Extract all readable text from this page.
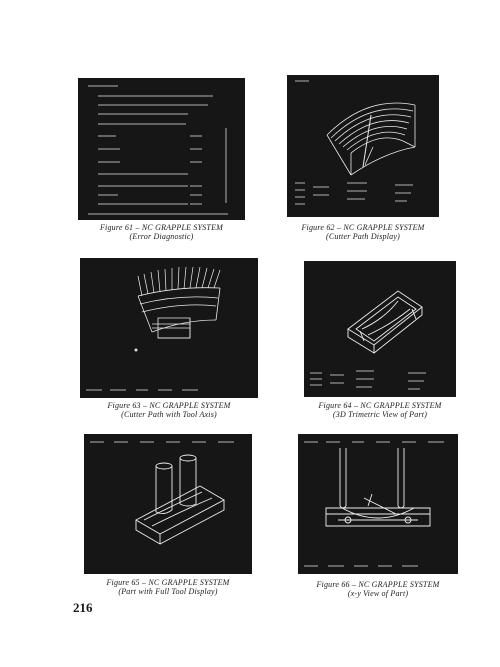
Figure 61 – NC GRAPPLE SYSTEM
(Error Diagnostic)
Figure 62 – NC GRAPPLE SYSTEM
(Cutter Path Display)
Figure 63 – NC GRAPPLE SYSTEM
(Cutter Path with Tool Axis)
Figure 64 – NC GRAPPLE SYSTEM
(3D Trimetric View of Part)
Figure 65 – NC GRAPPLE SYSTEM
(Part with Full Tool Display)
Figure 66 – NC GRAPPLE SYSTEM
(x-y View of Part)
216
